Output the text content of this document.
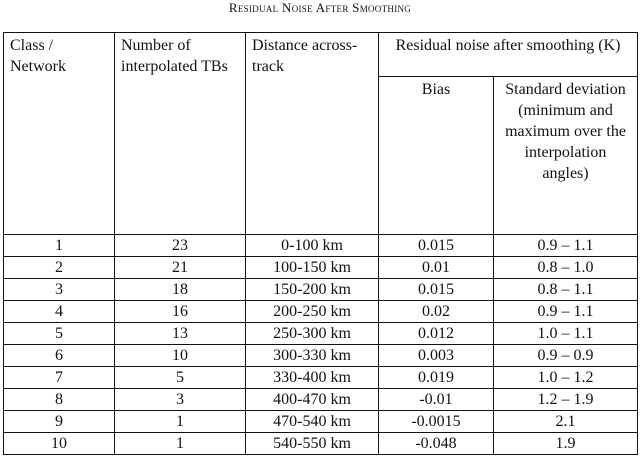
Residual Noise After Smoothing
Class / Network	Number of interpolated TBs	Distance across-track	Residual noise after smoothing (K)	
			Bias	Standard deviation (minimum and maximum over the interpolation angles)
1	23	0-100 km	0.015	0.9 – 1.1
2	21	100-150 km	0.01	0.8 – 1.0
3	18	150-200 km	0.015	0.8 – 1.1
4	16	200-250 km	0.02	0.9 – 1.1
5	13	250-300 km	0.012	1.0 – 1.1
6	10	300-330 km	0.003	0.9 – 0.9
7	5	330-400 km	0.019	1.0 – 1.2
8	3	400-470 km	-0.01	1.2 – 1.9
9	1	470-540 km	-0.0015	2.1
10	1	540-550 km	-0.048	1.9
